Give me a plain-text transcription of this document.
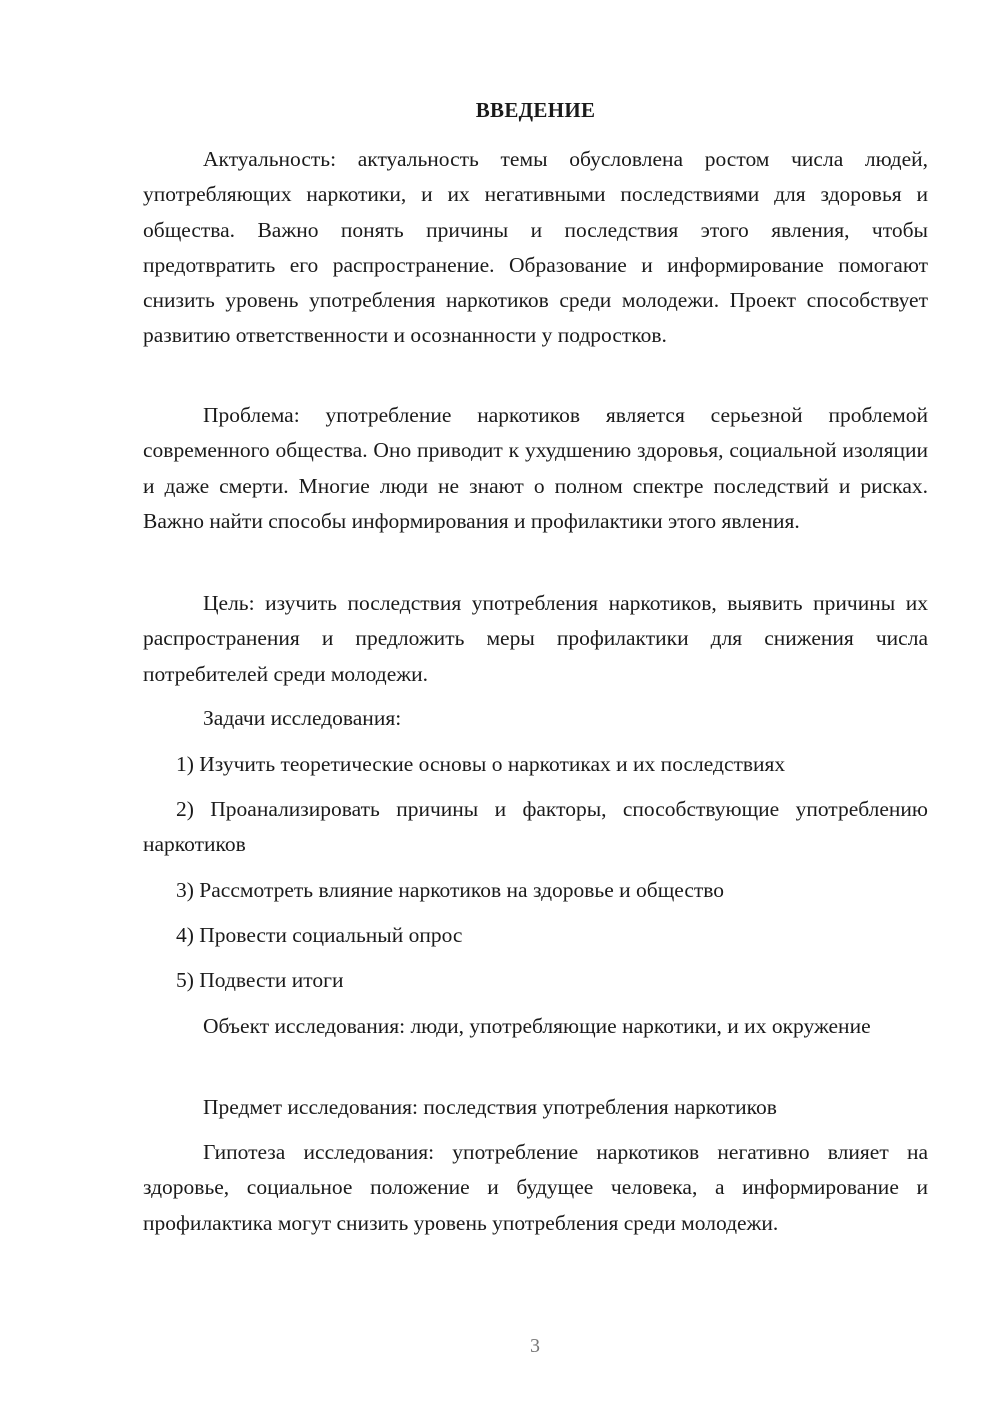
ВВЕДЕНИЕ

Актуальность: актуальность темы обусловлена ростом числа людей, употребляющих наркотики, и их негативными последствиями для здоровья и общества. Важно понять причины и последствия этого явления, чтобы предотвратить его распространение. Образование и информирование помогают снизить уровень употребления наркотиков среди молодежи. Проект способствует развитию ответственности и осознанности у подростков.

Проблема: употребление наркотиков является серьезной проблемой современного общества. Оно приводит к ухудшению здоровья, социальной изоляции и даже смерти. Многие люди не знают о полном спектре последствий и рисках. Важно найти способы информирования и профилактики этого явления.

Цель: изучить последствия употребления наркотиков, выявить причины их распространения и предложить меры профилактики для снижения числа потребителей среди молодежи.

Задачи исследования:

1) Изучить теоретические основы о наркотиках и их последствиях

2) Проанализировать причины и факторы, способствующие употреблению наркотиков

3) Рассмотреть влияние наркотиков на здоровье и общество

4) Провести социальный опрос

5) Подвести итоги

Объект исследования: люди, употребляющие наркотики, и их окружение

Предмет исследования: последствия употребления наркотиков

Гипотеза исследования: употребление наркотиков негативно влияет на здоровье, социальное положение и будущее человека, а информирование и профилактика могут снизить уровень употребления среди молодежи.

3
